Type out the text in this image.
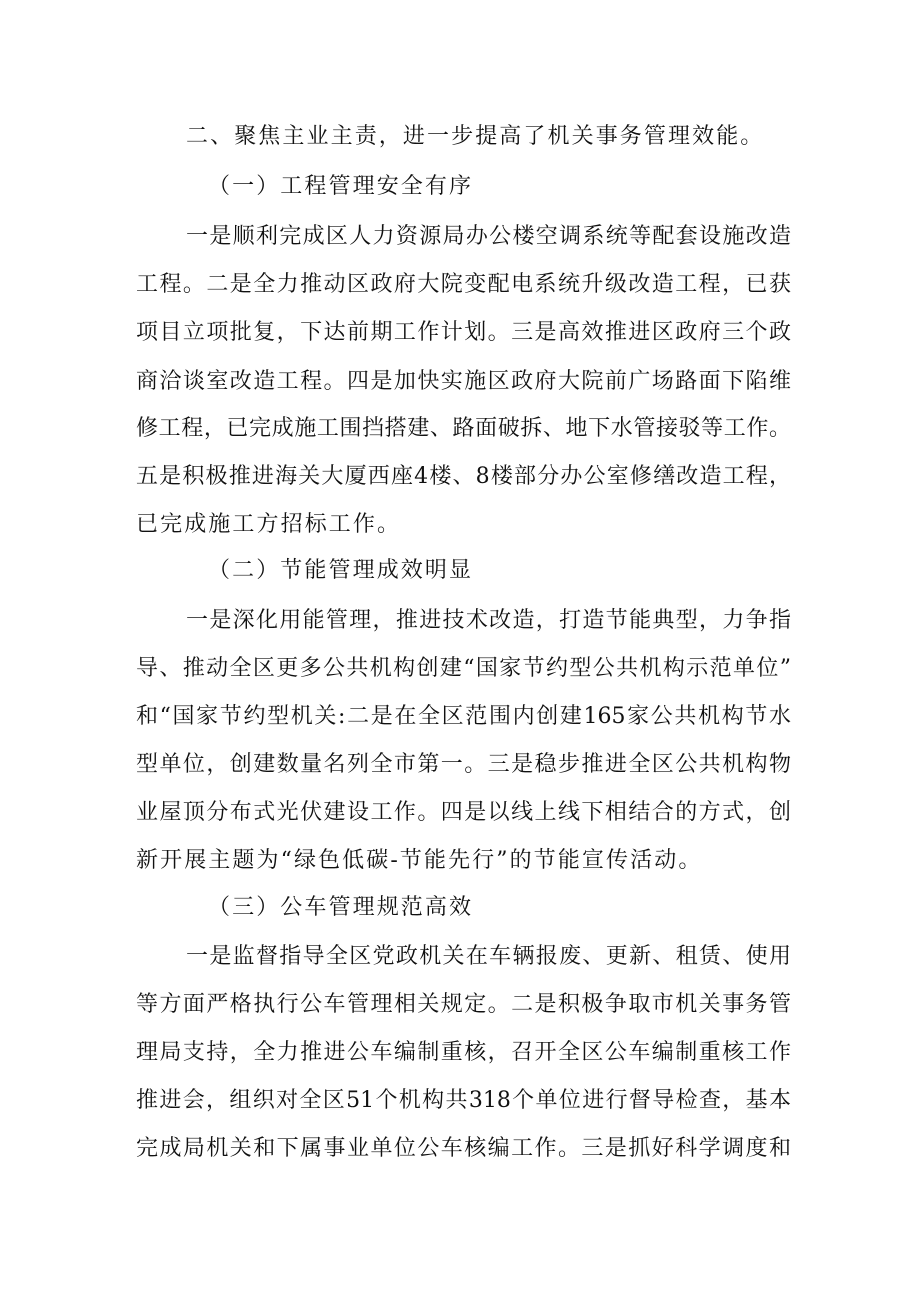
二、聚焦主业主责，进一步提高了机关事务管理效能。
（一）工程管理安全有序
一是顺利完成区人力资源局办公楼空调系统等配套设施改造
工程。二是全力推动区政府大院变配电系统升级改造工程，已获
项目立项批复，下达前期工作计划。三是高效推进区政府三个政
商洽谈室改造工程。四是加快实施区政府大院前广场路面下陷维
修工程，已完成施工围挡搭建、路面破拆、地下水管接驳等工作。
五是积极推进海关大厦西座4楼、8楼部分办公室修缮改造工程，
已完成施工方招标工作。
（二）节能管理成效明显
一是深化用能管理，推进技术改造，打造节能典型，力争指
导、推动全区更多公共机构创建“国家节约型公共机构示范单位”
和“国家节约型机关:二是在全区范围内创建165家公共机构节水
型单位，创建数量名列全市第一。三是稳步推进全区公共机构物
业屋顶分布式光伏建设工作。四是以线上线下相结合的方式，创
新开展主题为“绿色低碳-节能先行”的节能宣传活动。
（三）公车管理规范高效
一是监督指导全区党政机关在车辆报废、更新、租赁、使用
等方面严格执行公车管理相关规定。二是积极争取市机关事务管
理局支持，全力推进公车编制重核，召开全区公车编制重核工作
推进会，组织对全区51个机构共318个单位进行督导检查，基本
完成局机关和下属事业单位公车核编工作。三是抓好科学调度和
